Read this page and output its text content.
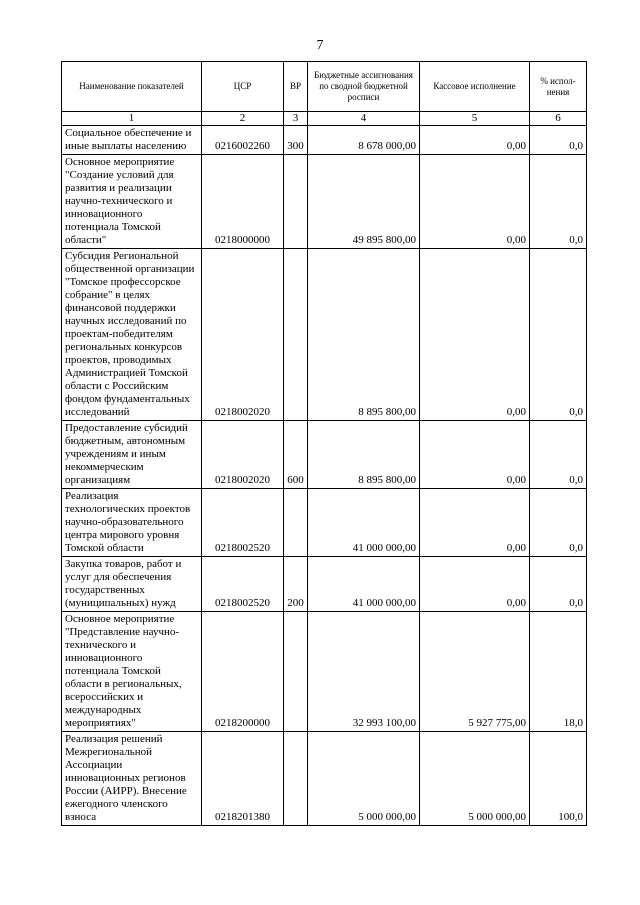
7
Наименование показателей	ЦСР	ВР	Бюджетные ассигнования по сводной бюджетной росписи	Кассовое исполнение	% испол-нения
1	2	3	4	5	6
Социальное обеспечение и иные выплаты населению	0216002260	300	8 678 000,00	0,00	0,0
Основное мероприятие "Создание условий для развития и реализации научно-технического и инновационного потенциала Томской области"	0218000000		49 895 800,00	0,00	0,0
Субсидия Региональной общественной организации "Томское профессорское собрание" в целях финансовой поддержки научных исследований по проектам-победителям региональных конкурсов проектов, проводимых Администрацией Томской области с Российским фондом фундаментальных исследований	0218002020		8 895 800,00	0,00	0,0
Предоставление субсидий бюджетным, автономным учреждениям и иным некоммерческим организациям	0218002020	600	8 895 800,00	0,00	0,0
Реализация технологических проектов научно-образовательного центра мирового уровня Томской области	0218002520		41 000 000,00	0,00	0,0
Закупка товаров, работ и услуг для обеспечения государственных (муниципальных) нужд	0218002520	200	41 000 000,00	0,00	0,0
Основное мероприятие "Представление научно-технического и инновационного потенциала Томской области в региональных, всероссийских и международных мероприятиях"	0218200000		32 993 100,00	5 927 775,00	18,0
Реализация решений Межрегиональной Ассоциации инновационных регионов России (АИРР). Внесение ежегодного членского взноса	0218201380		5 000 000,00	5 000 000,00	100,0
